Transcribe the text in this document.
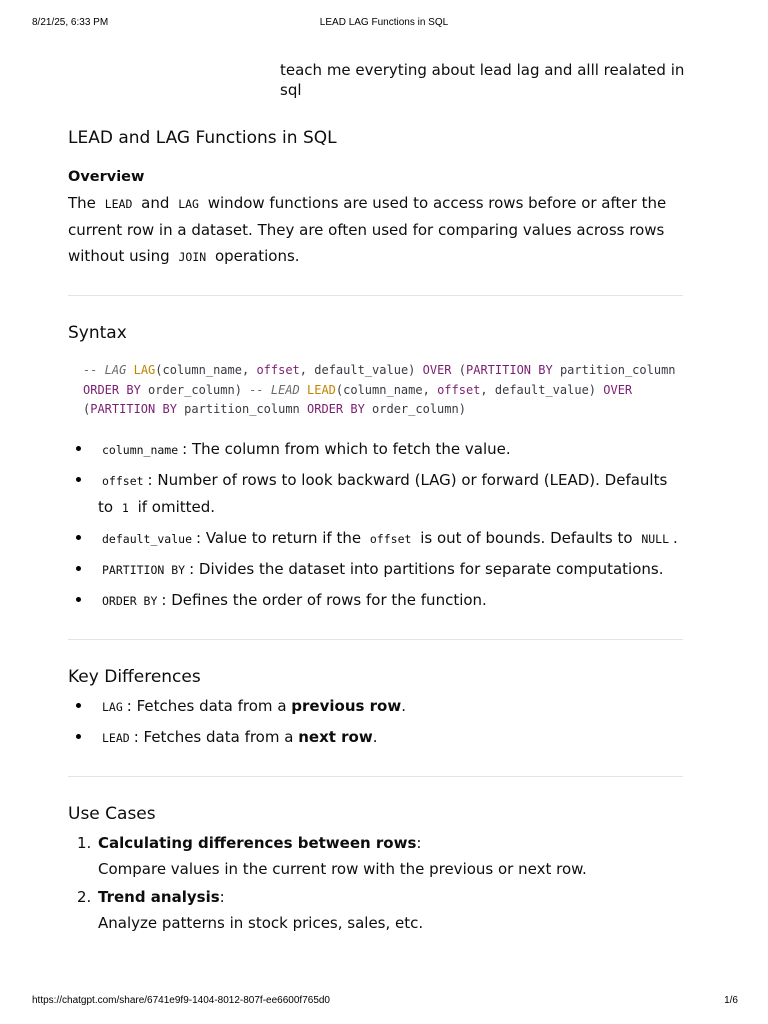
8/21/25, 6:33 PM	LEAD LAG Functions in SQL
teach me everyting about lead lag and alll realated in sql
LEAD and LAG Functions in SQL
Overview

The LEAD and LAG window functions are used to access rows before or after the current row in a dataset. They are often used for comparing values across rows without using JOIN operations.

Syntax
-- LAG LAG(column_name, offset, default_value) OVER (PARTITION BY partition_column ORDER BY order_column) -- LEAD LEAD(column_name, offset, default_value) OVER (PARTITION BY partition_column ORDER BY order_column)
column_name : The column from which to fetch the value.
offset : Number of rows to look backward (LAG) or forward (LEAD). Defaults to 1 if omitted.
default_value : Value to return if the offset is out of bounds. Defaults to NULL .
PARTITION BY : Divides the dataset into partitions for separate computations.
ORDER BY : Defines the order of rows for the function.
Key Differences
LAG : Fetches data from a previous row.
LEAD : Fetches data from a next row.
Use Cases
1. Calculating differences between rows:
Compare values in the current row with the previous or next row.
2. Trend analysis:
Analyze patterns in stock prices, sales, etc.
https://chatgpt.com/share/6741e9f9-1404-8012-807f-ee6600f765d0	1/6
